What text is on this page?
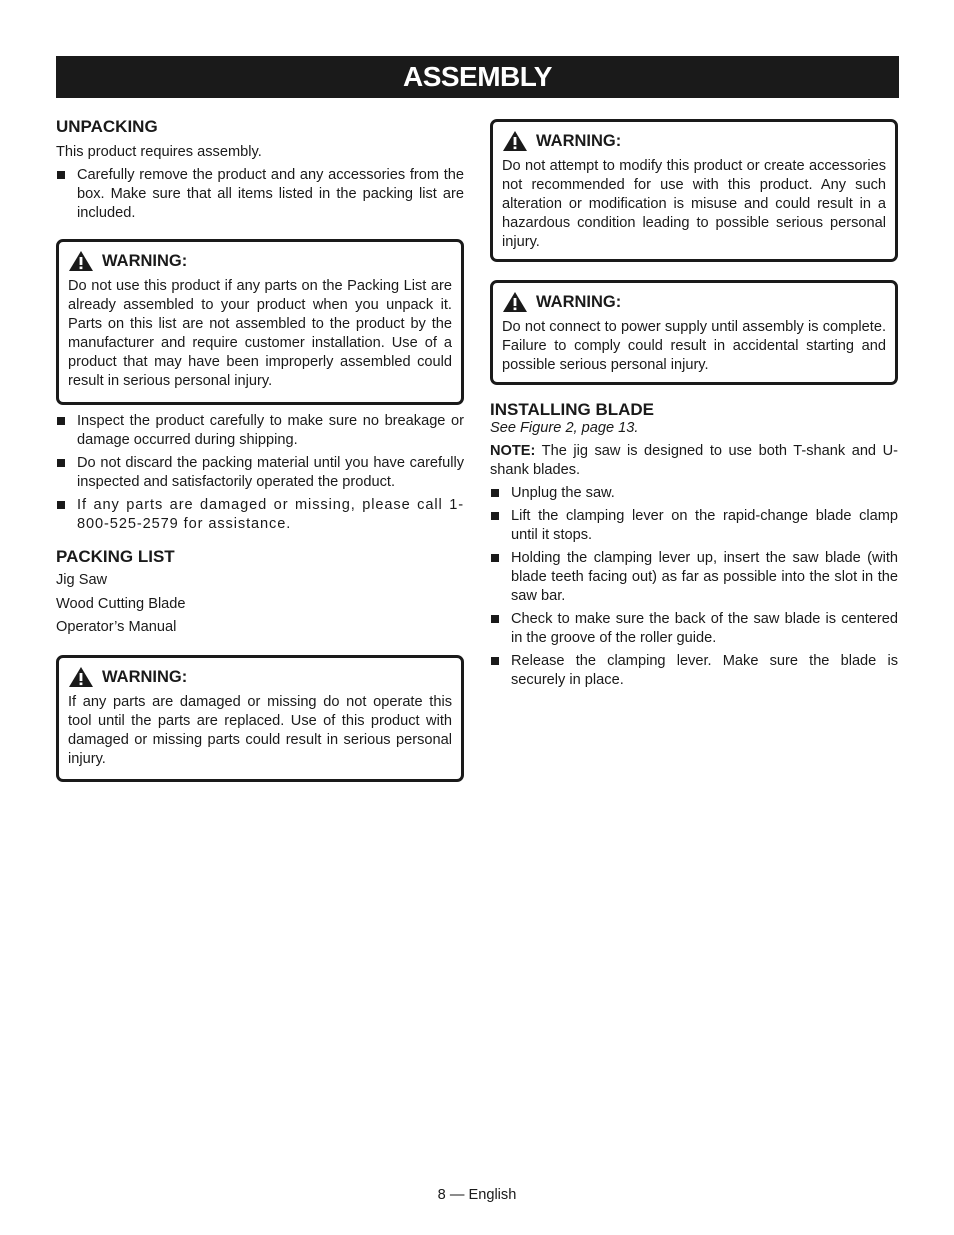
ASSEMBLY
UNPACKING

This product requires assembly.

Carefully remove the product and any accessories from the box. Make sure that all items listed in the packing list are included.
WARNING:

Do not use this product if any parts on the Packing List are already assembled to your product when you unpack it. Parts on this list are not assembled to the product by the manufacturer and require customer installation. Use of a product that may have been improperly assembled could result in serious personal injury.

Inspect the product carefully to make sure no breakage or damage occurred during shipping.
Do not discard the packing material until you have carefully inspected and satisfactorily operated the product.
If any parts are damaged or missing, please call 1-800-525-2579 for assistance.
PACKING LIST

Jig Saw

Wood Cutting Blade

Operator’s Manual

WARNING:

If any parts are damaged or missing do not operate this tool until the parts are replaced. Use of this product with damaged or missing parts could result in serious personal injury.

WARNING:

Do not attempt to modify this product or create accessories not recommended for use with this product. Any such alteration or modification is misuse and could result in a hazardous condition leading to possible serious personal injury.

WARNING:

Do not connect to power supply until assembly is complete. Failure to comply could result in accidental starting and possible serious personal injury.

INSTALLING BLADE

See Figure 2, page 13.

NOTE: The jig saw is designed to use both T-shank and U-shank blades.

Unplug the saw.
Lift the clamping lever on the rapid-change blade clamp until it stops.
Holding the clamping lever up, insert the saw blade (with blade teeth facing out) as far as possible into the slot in the saw bar.
Check to make sure the back of the saw blade is centered in the groove of the roller guide.
Release the clamping lever. Make sure the blade is securely in place.
8 — English
